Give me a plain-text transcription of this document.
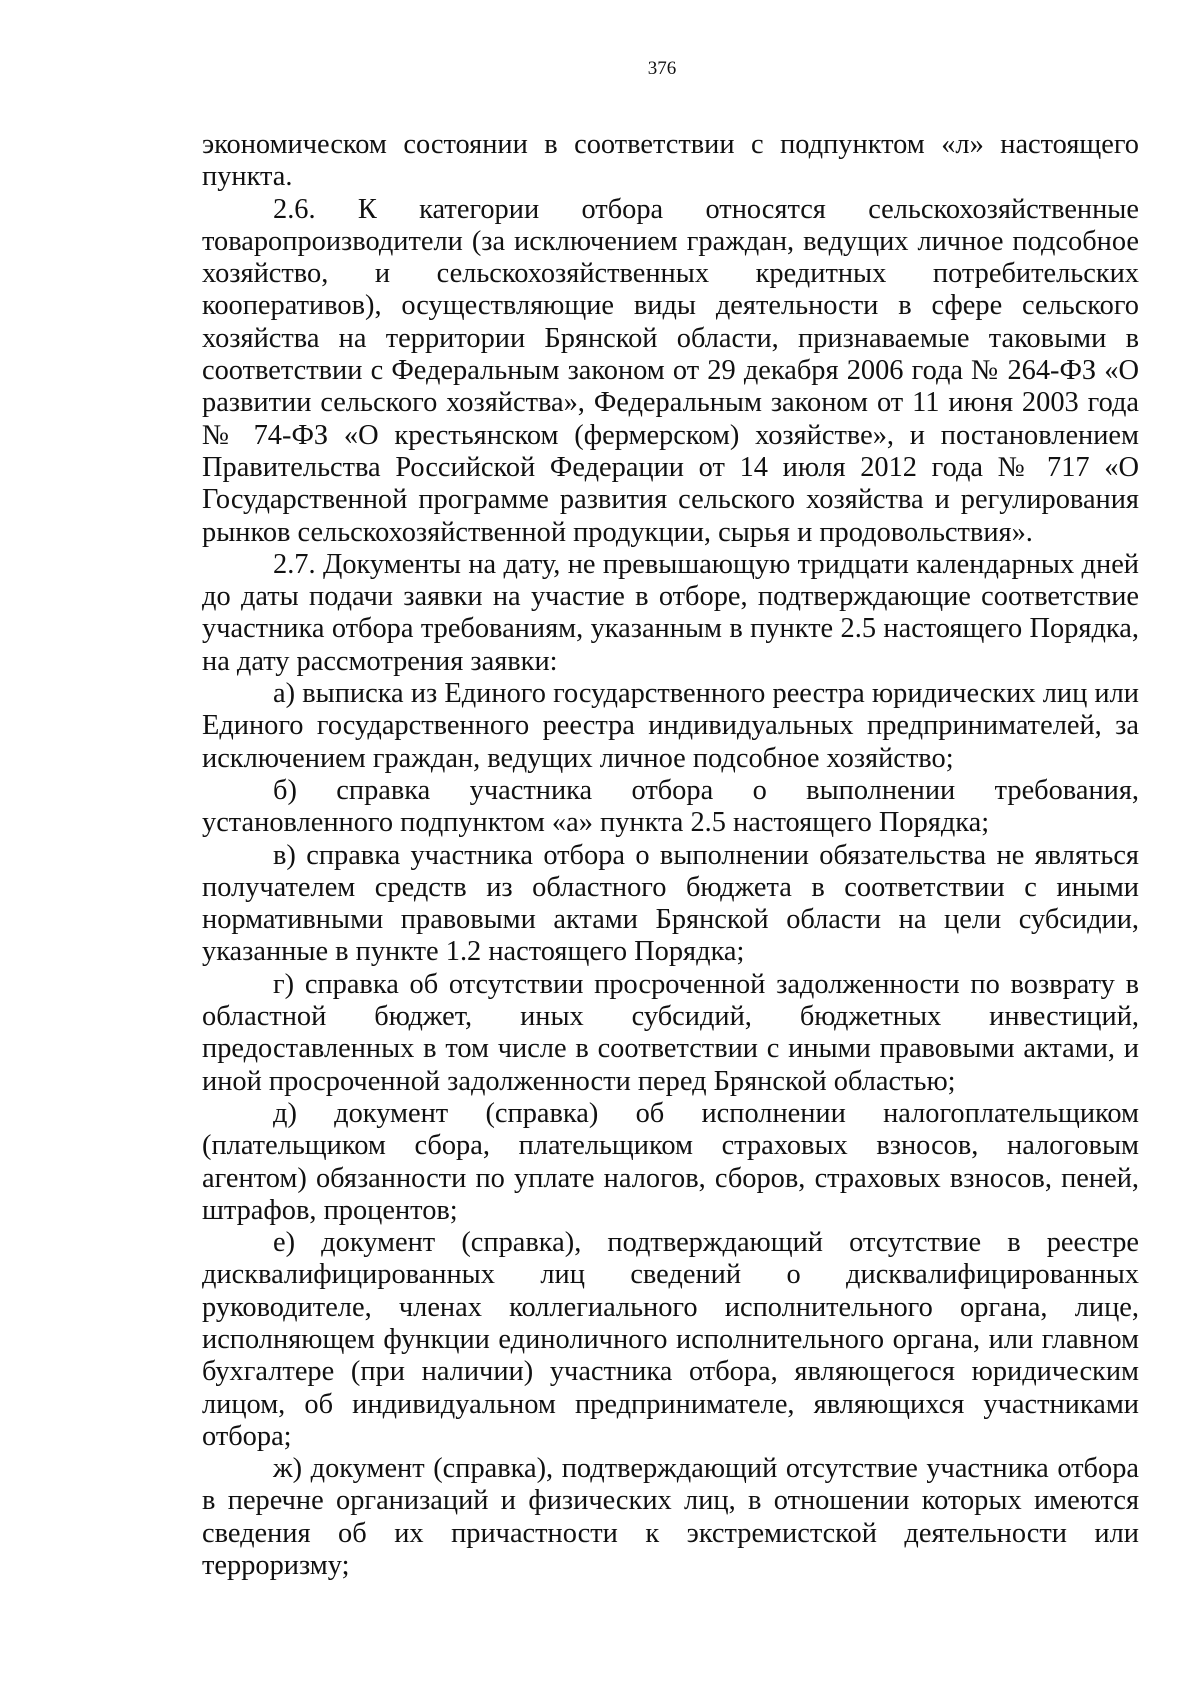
376

экономическом состоянии в соответствии с подпунктом «л» настоящего пункта.

2.6. К категории отбора относятся сельскохозяйственные товаропроизводители (за исключением граждан, ведущих личное подсобное хозяйство, и сельскохозяйственных кредитных потребительских кооперативов), осуществляющие виды деятельности в сфере сельского хозяйства на территории Брянской области, признаваемые таковыми в соответствии с Федеральным законом от 29 декабря 2006 года № 264-ФЗ «О развитии сельского хозяйства», Федеральным законом от 11 июня 2003 года № 74-ФЗ «О крестьянском (фермерском) хозяйстве», и постановлением Правительства Российской Федерации от 14 июля 2012 года № 717 «О Государственной программе развития сельского хозяйства и регулирования рынков сельскохозяйственной продукции, сырья и продовольствия».

2.7. Документы на дату, не превышающую тридцати календарных дней до даты подачи заявки на участие в отборе, подтверждающие соответствие участника отбора требованиям, указанным в пункте 2.5 настоящего Порядка, на дату рассмотрения заявки:

а) выписка из Единого государственного реестра юридических лиц или Единого государственного реестра индивидуальных предпринимателей, за исключением граждан, ведущих личное подсобное хозяйство;

б) справка участника отбора о выполнении требования, установленного подпунктом «а» пункта 2.5 настоящего Порядка;

в) справка участника отбора о выполнении обязательства не являться получателем средств из областного бюджета в соответствии с иными нормативными правовыми актами Брянской области на цели субсидии, указанные в пункте 1.2 настоящего Порядка;

г) справка об отсутствии просроченной задолженности по возврату в областной бюджет, иных субсидий, бюджетных инвестиций, предоставленных в том числе в соответствии с иными правовыми актами, и иной просроченной задолженности перед Брянской областью;

д) документ (справка) об исполнении налогоплательщиком (плательщиком сбора, плательщиком страховых взносов, налоговым агентом) обязанности по уплате налогов, сборов, страховых взносов, пеней, штрафов, процентов;

е) документ (справка), подтверждающий отсутствие в реестре дисквалифицированных лиц сведений о дисквалифицированных руководителе, членах коллегиального исполнительного органа, лице, исполняющем функции единоличного исполнительного органа, или главном бухгалтере (при наличии) участника отбора, являющегося юридическим лицом, об индивидуальном предпринимателе, являющихся участниками отбора;

ж) документ (справка), подтверждающий отсутствие участника отбора в перечне организаций и физических лиц, в отношении которых имеются сведения об их причастности к экстремистской деятельности или терроризму;
